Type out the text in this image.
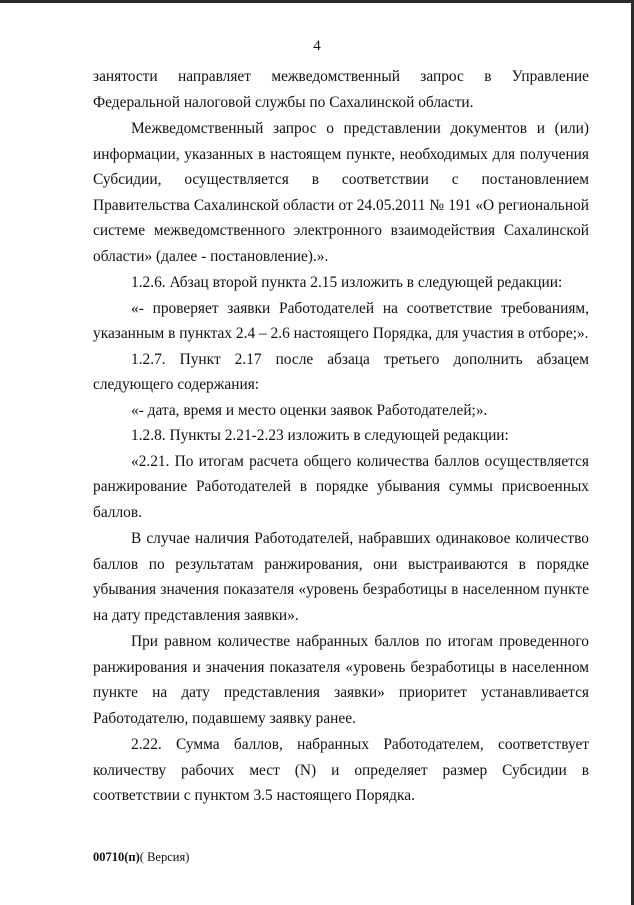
4

занятости направляет межведомственный запрос в Управление Федеральной налоговой службы по Сахалинской области.

Межведомственный запрос о представлении документов и (или) информации, указанных в настоящем пункте, необходимых для получения Субсидии, осуществляется в соответствии с постановлением Правительства Сахалинской области от 24.05.2011 № 191 «О региональной системе межведомственного электронного взаимодействия Сахалинской области» (далее - постановление).».

1.2.6. Абзац второй пункта 2.15 изложить в следующей редакции:

«- проверяет заявки Работодателей на соответствие требованиям, указанным в пунктах 2.4 – 2.6 настоящего Порядка, для участия в отборе;».

1.2.7. Пункт 2.17 после абзаца третьего дополнить абзацем следующего содержания:

«- дата, время и место оценки заявок Работодателей;».

1.2.8. Пункты 2.21-2.23 изложить в следующей редакции:

«2.21. По итогам расчета общего количества баллов осуществляется ранжирование Работодателей в порядке убывания суммы присвоенных баллов.

В случае наличия Работодателей, набравших одинаковое количество баллов по результатам ранжирования, они выстраиваются в порядке убывания значения показателя «уровень безработицы в населенном пункте на дату представления заявки».

При равном количестве набранных баллов по итогам проведенного ранжирования и значения показателя «уровень безработицы в населенном пункте на дату представления заявки» приоритет устанавливается Работодателю, подавшему заявку ранее.

2.22. Сумма баллов, набранных Работодателем, соответствует количеству рабочих мест (N) и определяет размер Субсидии в соответствии с пунктом 3.5 настоящего Порядка.

00710(п)( Версия)
